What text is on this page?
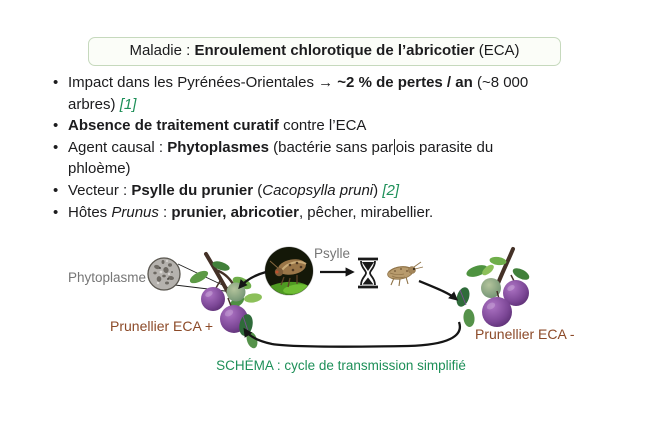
Maladie : Enroulement chlorotique de l’abricotier (ECA)
• Impact dans les Pyrénées-Orientales → ~2 % de pertes / an (~8 000
arbres) [1]
• Absence de traitement curatif contre l’ECA
• Agent causal : Phytoplasmes (bactérie sans par ois parasite du
phloème)
• Vecteur : Psylle du prunier (Cacopsylla pruni) [2]
• Hôtes Prunus : prunier, abricotier, pêcher, mirabellier.
Phytoplasme
Psylle
Prunellier ECA +	Prunellier ECA -
SCHÉMA : cycle de transmission simplifié
